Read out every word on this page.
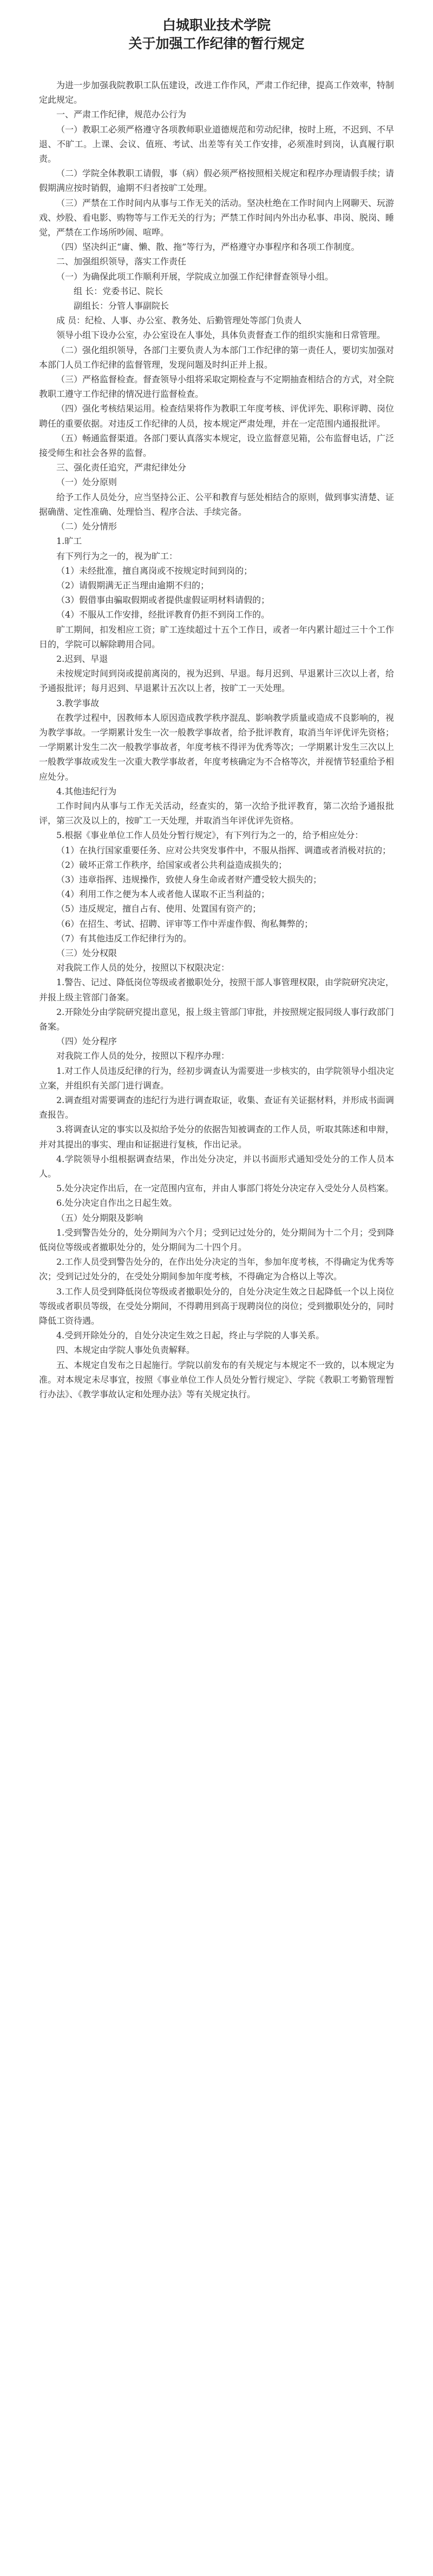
白城职业技术学院
关于加强工作纪律的暂行规定

为进一步加强我院教职工队伍建设，改进工作作风，严肃工作纪律，提高工作效率，特制定此规定。

一、严肃工作纪律，规范办公行为

（一）教职工必须严格遵守各项教师职业道德规范和劳动纪律，按时上班，不迟到、不早退、不旷工。上课、会议、值班、考试、出差等有关工作安排，必须准时到岗，认真履行职责。

（二）学院全体教职工请假，事（病）假必须严格按照相关规定和程序办理请假手续；请假期满应按时销假，逾期不归者按旷工处理。

（三）严禁在工作时间内从事与工作无关的活动。坚决杜绝在工作时间内上网聊天、玩游戏、炒股、看电影、购物等与工作无关的行为；严禁工作时间内外出办私事、串岗、脱岗、睡觉，严禁在工作场所吵闹、喧哗。

（四）坚决纠正“庸、懒、散、拖”等行为，严格遵守办事程序和各项工作制度。

二、加强组织领导，落实工作责任

（一）为确保此项工作顺利开展，学院成立加强工作纪律督查领导小组。

组 长：党委书记、院长

副组长：分管人事副院长

成 员：纪检、人事、办公室、教务处、后勤管理处等部门负责人

领导小组下设办公室，办公室设在人事处，具体负责督查工作的组织实施和日常管理。

（二）强化组织领导，各部门主要负责人为本部门工作纪律的第一责任人，要切实加强对本部门人员工作纪律的监督管理，发现问题及时纠正并上报。

（三）严格监督检查。督查领导小组将采取定期检查与不定期抽查相结合的方式，对全院教职工遵守工作纪律的情况进行监督检查。

（四）强化考核结果运用。检查结果将作为教职工年度考核、评优评先、职称评聘、岗位聘任的重要依据。对违反工作纪律的人员，按本规定严肃处理，并在一定范围内通报批评。

（五）畅通监督渠道。各部门要认真落实本规定，设立监督意见箱，公布监督电话，广泛接受师生和社会各界的监督。

三、强化责任追究，严肃纪律处分

（一）处分原则

给予工作人员处分，应当坚持公正、公平和教育与惩处相结合的原则，做到事实清楚、证据确凿、定性准确、处理恰当、程序合法、手续完备。

（二）处分情形

1.旷工

有下列行为之一的，视为旷工：

（1）未经批准，擅自离岗或不按规定时间到岗的；

（2）请假期满无正当理由逾期不归的；

（3）假借事由骗取假期或者提供虚假证明材料请假的；

（4）不服从工作安排，经批评教育仍拒不到岗工作的。

旷工期间，扣发相应工资；旷工连续超过十五个工作日，或者一年内累计超过三十个工作日的，学院可以解除聘用合同。

2.迟到、早退

未按规定时间到岗或提前离岗的，视为迟到、早退。每月迟到、早退累计三次以上者，给予通报批评；每月迟到、早退累计五次以上者，按旷工一天处理。

3.教学事故

在教学过程中，因教师本人原因造成教学秩序混乱、影响教学质量或造成不良影响的，视为教学事故。一学期累计发生一次一般教学事故者，给予批评教育，取消当年评优评先资格；一学期累计发生二次一般教学事故者，年度考核不得评为优秀等次；一学期累计发生三次以上一般教学事故或发生一次重大教学事故者，年度考核确定为不合格等次，并视情节轻重给予相应处分。

4.其他违纪行为

工作时间内从事与工作无关活动，经查实的，第一次给予批评教育，第二次给予通报批评，第三次及以上的，按旷工一天处理，并取消当年评优评先资格。

5.根据《事业单位工作人员处分暂行规定》，有下列行为之一的，给予相应处分：

（1）在执行国家重要任务、应对公共突发事件中，不服从指挥、调遣或者消极对抗的；

（2）破坏正常工作秩序，给国家或者公共利益造成损失的；

（3）违章指挥、违规操作，致使人身生命或者财产遭受较大损失的；

（4）利用工作之便为本人或者他人谋取不正当利益的；

（5）违反规定，擅自占有、使用、处置国有资产的；

（6）在招生、考试、招聘、评审等工作中弄虚作假、徇私舞弊的；

（7）有其他违反工作纪律行为的。

（三）处分权限

对我院工作人员的处分，按照以下权限决定：

1.警告、记过、降低岗位等级或者撤职处分，按照干部人事管理权限，由学院研究决定，并报上级主管部门备案。

2.开除处分由学院研究提出意见，报上级主管部门审批，并按照规定报同级人事行政部门备案。

（四）处分程序

对我院工作人员的处分，按照以下程序办理：

1.对工作人员违反纪律的行为，经初步调查认为需要进一步核实的，由学院领导小组决定立案，并组织有关部门进行调查。

2.调查组对需要调查的违纪行为进行调查取证，收集、查证有关证据材料，并形成书面调查报告。

3.将调查认定的事实以及拟给予处分的依据告知被调查的工作人员，听取其陈述和申辩，并对其提出的事实、理由和证据进行复核，作出记录。

4.学院领导小组根据调查结果，作出处分决定，并以书面形式通知受处分的工作人员本人。

5.处分决定作出后，在一定范围内宣布，并由人事部门将处分决定存入受处分人员档案。

6.处分决定自作出之日起生效。

（五）处分期限及影响

1.受到警告处分的，处分期间为六个月；受到记过处分的，处分期间为十二个月；受到降低岗位等级或者撤职处分的，处分期间为二十四个月。

2.工作人员受到警告处分的，在作出处分决定的当年，参加年度考核，不得确定为优秀等次；受到记过处分的，在受处分期间参加年度考核，不得确定为合格以上等次。

3.工作人员受到降低岗位等级或者撤职处分的，自处分决定生效之日起降低一个以上岗位等级或者职员等级，在受处分期间，不得聘用到高于现聘岗位的岗位；受到撤职处分的，同时降低工资待遇。

4.受到开除处分的，自处分决定生效之日起，终止与学院的人事关系。

四、本规定由学院人事处负责解释。

五、本规定自发布之日起施行。学院以前发布的有关规定与本规定不一致的，以本规定为准。对本规定未尽事宜，按照《事业单位工作人员处分暂行规定》、学院《教职工考勤管理暂行办法》、《教学事故认定和处理办法》等有关规定执行。
